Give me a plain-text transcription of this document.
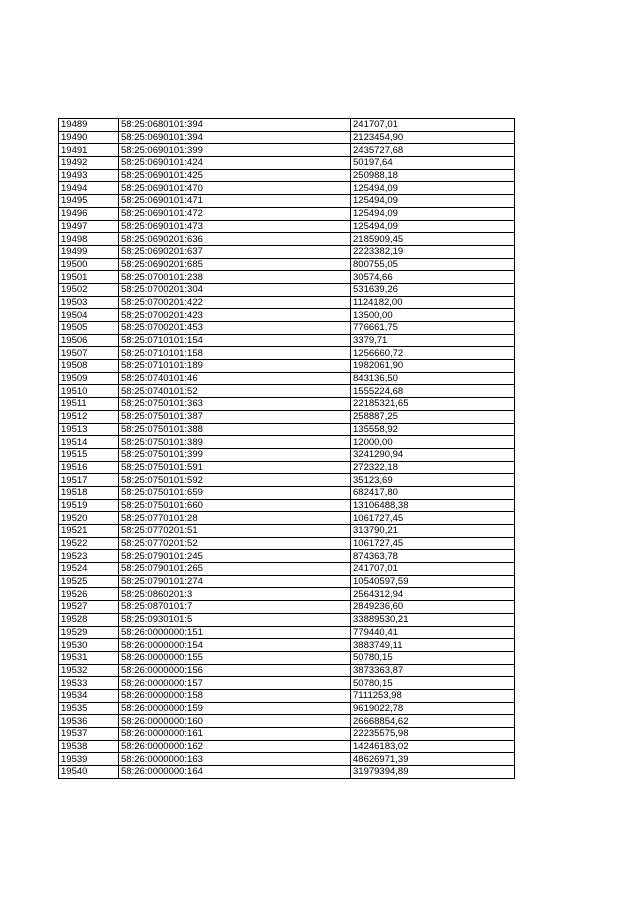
19489	58:25:0680101:394	241707,01
19490	58:25:0690101:394	2123454,90
19491	58:25:0690101:399	2435727,68
19492	58:25:0690101:424	50197,64
19493	58:25:0690101:425	250988,18
19494	58:25:0690101:470	125494,09
19495	58:25:0690101:471	125494,09
19496	58:25:0690101:472	125494,09
19497	58:25:0690101:473	125494,09
19498	58:25:0690201:636	2185909,45
19499	58:25:0690201:637	2223382,19
19500	58:25:0690201:685	800755,05
19501	58:25:0700101:238	30574,66
19502	58:25:0700201:304	531639,26
19503	58:25:0700201:422	1124182,00
19504	58:25:0700201:423	13500,00
19505	58:25:0700201:453	776661,75
19506	58:25:0710101:154	3379,71
19507	58:25:0710101:158	1256660,72
19508	58:25:0710101:189	1982061,90
19509	58:25:0740101:46	843136,50
19510	58:25:0740101:52	1555224,68
19511	58:25:0750101:363	22185321,65
19512	58:25:0750101:387	258887,25
19513	58:25:0750101:388	135558,92
19514	58:25:0750101:389	12000,00
19515	58:25:0750101:399	3241290,94
19516	58:25:0750101:591	272322,18
19517	58:25:0750101:592	35123,69
19518	58:25:0750101:659	682417,80
19519	58:25:0750101:660	13106488,38
19520	58:25:0770101:28	1061727,45
19521	58:25:0770201:51	313790,21
19522	58:25:0770201:52	1061727,45
19523	58:25:0790101:245	874363,78
19524	58:25:0790101:265	241707,01
19525	58:25:0790101:274	10540597,59
19526	58:25:0860201:3	2564312,94
19527	58:25:0870101:7	2849236,60
19528	58:25:0930101:5	33889530,21
19529	58:26:0000000:151	779440,41
19530	58:26:0000000:154	3883749,11
19531	58:26:0000000:155	50780,15
19532	58:26:0000000:156	3873363,87
19533	58:26:0000000:157	50780,15
19534	58:26:0000000:158	7111253,98
19535	58:26:0000000:159	9619022,78
19536	58:26:0000000:160	26668854,62
19537	58:26:0000000:161	22235575,98
19538	58:26:0000000:162	14246183,02
19539	58:26:0000000:163	48626971,39
19540	58:26:0000000:164	31979394,89
